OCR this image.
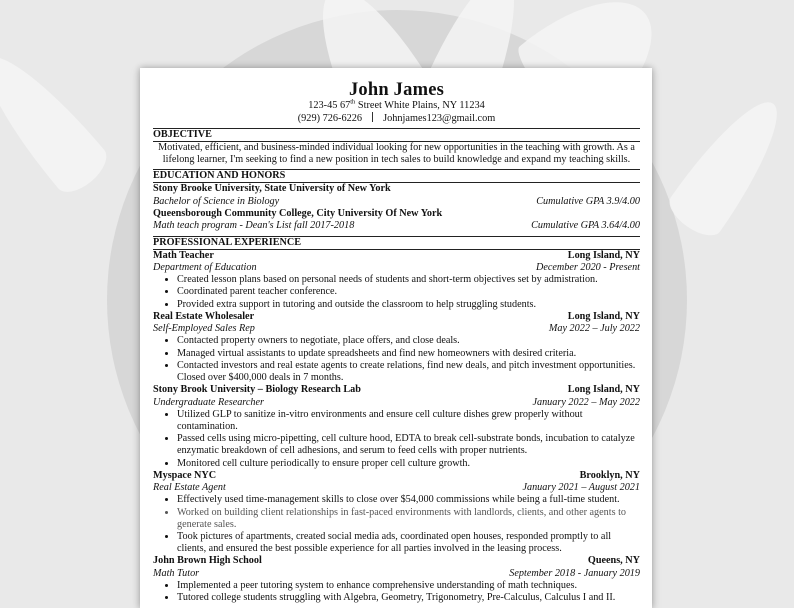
John James
123-45 67th Street White Plains, NY 11234
(929) 726-6226 Johnjames123@gmail.com
OBJECTIVE
Motivated, efficient, and business-minded individual looking for new opportunities in the teaching with growth. As a lifelong learner, I'm seeking to find a new position in tech sales to build knowledge and expand my teaching skills.
EDUCATION AND HONORS
Stony Brooke University, State University of New York
Bachelor of Science in Biology	Cumulative GPA 3.9/4.00
Queensborough Community College, City University Of New York
Math teach program - Dean's List fall 2017-2018	Cumulative GPA 3.64/4.00
PROFESSIONAL EXPERIENCE
Math Teacher	Long Island, NY
Department of Education	December 2020 - Present
• Created lesson plans based on personal needs of students and short-term objectives set by admistration.
• Coordinated parent teacher conference.
• Provided extra support in tutoring and outside the classroom to help struggling students.
Real Estate Wholesaler	Long Island, NY
Self-Employed Sales Rep	May 2022 – July 2022
• Contacted property owners to negotiate, place offers, and close deals.
• Managed virtual assistants to update spreadsheets and find new homeowners with desired criteria.
• Contacted investors and real estate agents to create relations, find new deals, and pitch investment opportunities. Closed over $400,000 deals in 7 months.
Stony Brook University – Biology Research Lab	Long Island, NY
Undergraduate Researcher	January 2022 – May 2022
• Utilized GLP to sanitize in-vitro environments and ensure cell culture dishes grew properly without contamination.
• Passed cells using micro-pipetting, cell culture hood, EDTA to break cell-substrate bonds, incubation to catalyze enzymatic breakdown of cell adhesions, and serum to feed cells with proper nutrients.
• Monitored cell culture periodically to ensure proper cell culture growth.
Myspace NYC	Brooklyn, NY
Real Estate Agent	January 2021 – August 2021
• Effectively used time-management skills to close over $54,000 commissions while being a full-time student.
• Worked on building client relationships in fast-paced environments with landlords, clients, and other agents to generate sales.
• Took pictures of apartments, created social media ads, coordinated open houses, responded promptly to all clients, and ensured the best possible experience for all parties involved in the leasing process.
John Brown High School	Queens, NY
Math Tutor	September 2018 - January 2019
• Implemented a peer tutoring system to enhance comprehensive understanding of math techniques.
• Tutored college students struggling with Algebra, Geometry, Trigonometry, Pre-Calculus, Calculus I and II.
